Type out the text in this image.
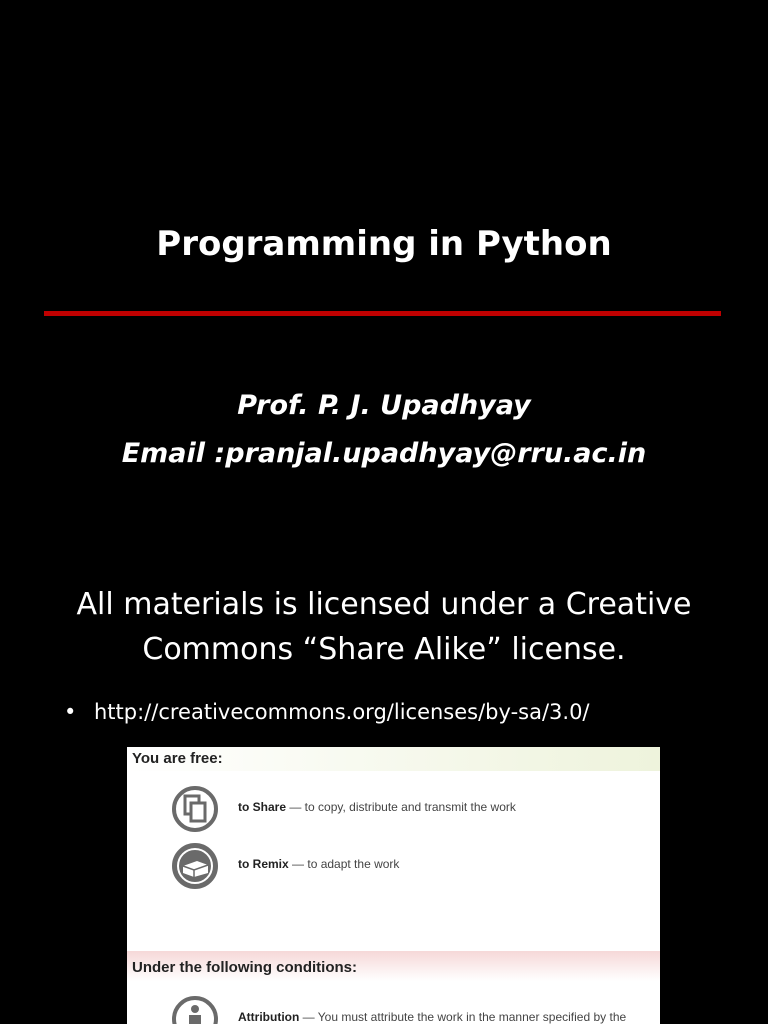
Programming in Python
Prof. P. J. Upadhyay
Email :pranjal.upadhyay@rru.ac.in
All materials is licensed under a Creative Commons “Share Alike” license.
• http://creativecommons.org/licenses/by-sa/3.0/
You are free:
to Share — to copy, distribute and transmit the work
to Remix — to adapt the work
Under the following conditions:
Attribution — You must attribute the work in the manner specified by the
